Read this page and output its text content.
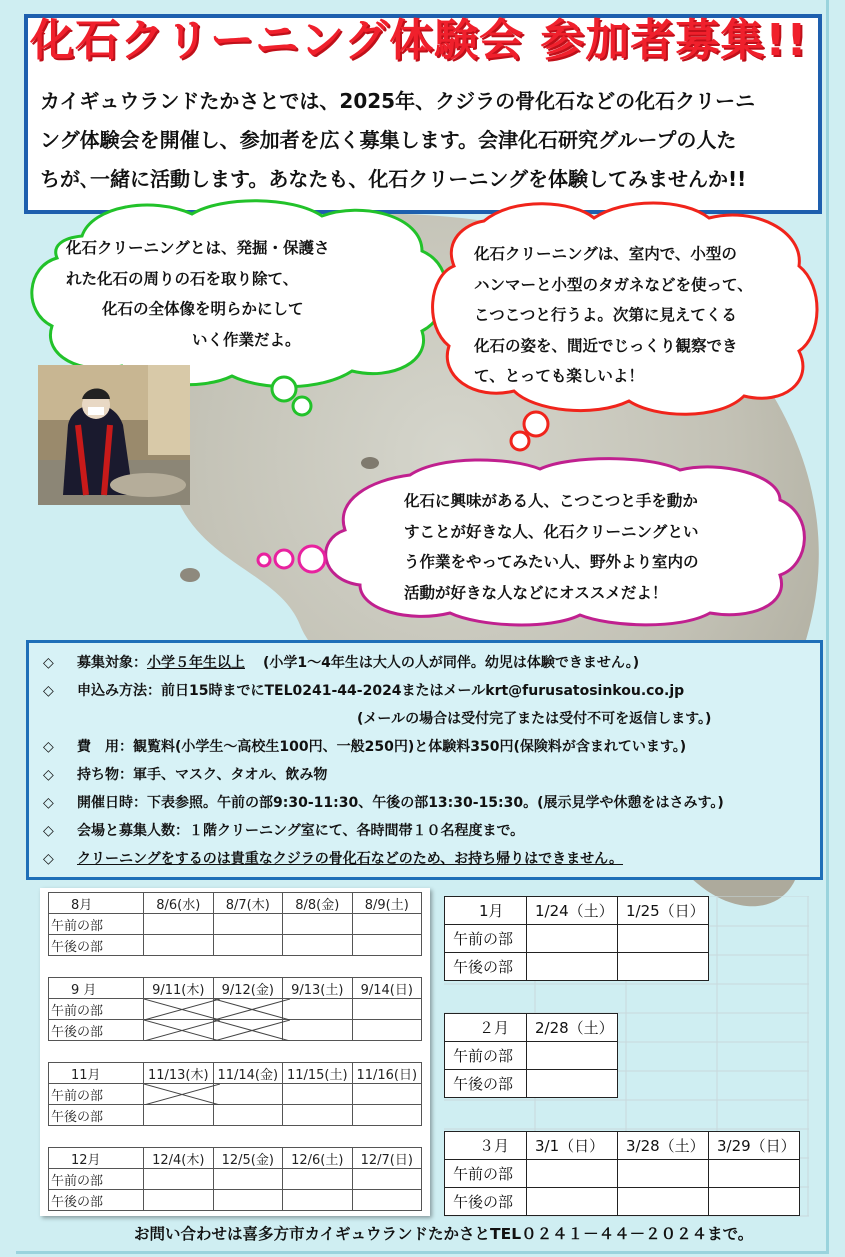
カイギュウランドたかさとでは、2025年、クジラの骨化石などの化石クリーニ
ング体験会を開催し、参加者を広く募集します。会津化石研究グループの人た
ちが､一緒に活動します。あなたも、化石クリーニングを体験してみませんか!!
化石クリーニング体験会 参加者募集!!
化石クリーニングとは、発掘・保護さ
れた化石の周りの石を取り除て、
化石の全体像を明らかにして
いく作業だよ。
化石クリーニングは、室内で、小型の
ハンマーと小型のタガネなどを使って、
こつこつと行うよ。次第に見えてくる
化石の姿を、間近でじっくり観察でき
て、とっても楽しいよ！
化石に興味がある人、こつこつと手を動か
すことが好きな人、化石クリーニングとい
う作業をやってみたい人、野外より室内の
活動が好きな人などにオススメだよ！
◇ 募集対象：小学５年生以上 (小学1～4年生は大人の人が同伴。幼児は体験できません。)
◇ 申込み方法：前日15時までにTEL0241-44-2024またはメールkrt@furusatosinkou.co.jp
(メールの場合は受付完了または受付不可を返信します。)
◇ 費　用：観覧料(小学生～高校生100円、一般250円)と体験料350円(保険料が含まれています。)
◇ 持ち物：軍手、マスク、タオル、飲み物
◇ 開催日時：下表参照。午前の部9:30-11:30、午後の部13:30-15:30。(展示見学や休憩をはさみす。)
◇ 会場と募集人数：１階クリーニング室にて、各時間帯１０名程度まで。
◇ クリーニングをするのは貴重なクジラの骨化石などのため、お持ち帰りはできません。
8月	8/6(水)	8/7(木)	8/8(金)	8/9(土)
午前の部				
午後の部				
9 月	9/11(木)	9/12(金)	9/13(土)	9/14(日)
午前の部	

午後の部	

11月	11/13(木)	11/14(金)	11/15(土)	11/16(日)
午前の部	

午後の部				
12月	12/4(木)	12/5(金)	12/6(土)	12/7(日)
午前の部				
午後の部				
1月	1/24（土）	1/25（日）
午前の部		
午後の部		
２月	2/28（土）
午前の部	
午後の部	
３月	3/1（日）	3/28（土）	3/29（日）
午前の部			
午後の部			
お問い合わせは喜多方市カイギュウランドたかさとTEL０２４１－４４－２０２４まで。
